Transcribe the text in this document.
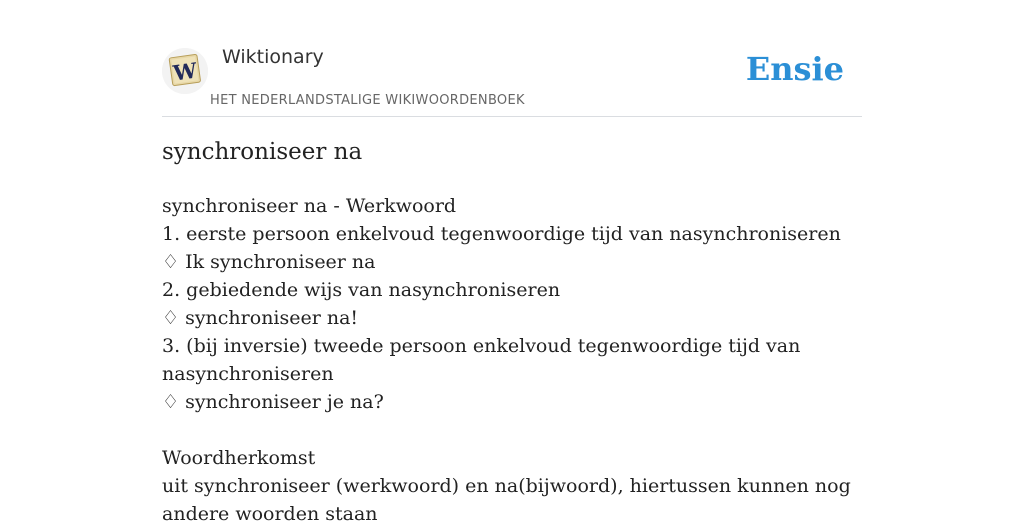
W
Wiktionary
HET NEDERLANDSTALIGE WIKIWOORDENBOEK
Ensie
synchroniseer na

synchroniseer na - Werkwoord

1. eerste persoon enkelvoud tegenwoordige tijd van nasynchroniseren

♢ Ik synchroniseer na

2. gebiedende wijs van nasynchroniseren

♢ synchroniseer na!

3. (bij inversie) tweede persoon enkelvoud tegenwoordige tijd van nasynchroniseren

♢ synchroniseer je na?

Woordherkomst

uit synchroniseer (werkwoord) en na(bijwoord), hiertussen kunnen nog andere woorden staan
